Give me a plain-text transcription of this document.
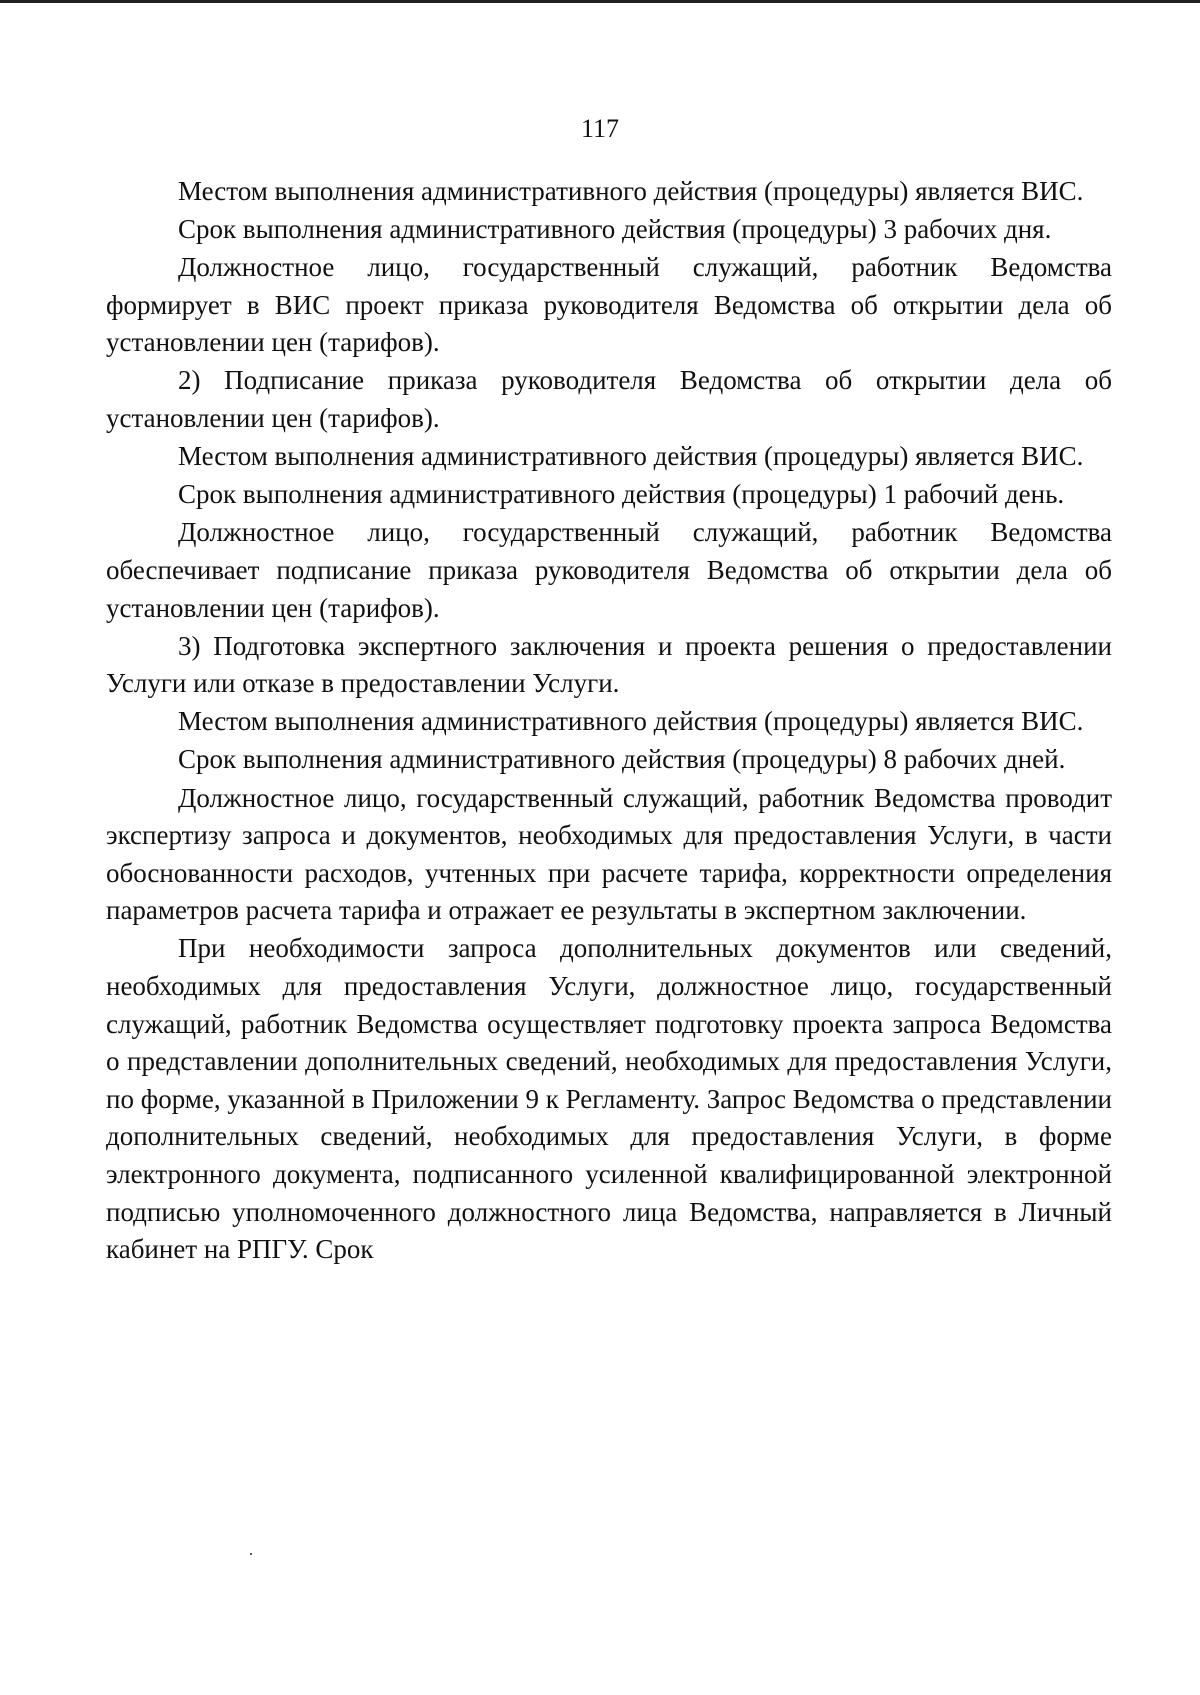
117

Местом выполнения административного действия (процедуры) является ВИС.

Срок выполнения административного действия (процедуры) 3 рабочих дня.

Должностное лицо, государственный служащий, работник Ведомства формирует в ВИС проект приказа руководителя Ведомства об открытии дела об установлении цен (тарифов).

2) Подписание приказа руководителя Ведомства об открытии дела об установлении цен (тарифов).

Местом выполнения административного действия (процедуры) является ВИС.

Срок выполнения административного действия (процедуры) 1 рабочий день.

Должностное лицо, государственный служащий, работник Ведомства обеспечивает подписание приказа руководителя Ведомства об открытии дела об установлении цен (тарифов).

3) Подготовка экспертного заключения и проекта решения о предоставлении Услуги или отказе в предоставлении Услуги.

Местом выполнения административного действия (процедуры) является ВИС.

Срок выполнения административного действия (процедуры) 8 рабочих дней.

Должностное лицо, государственный служащий, работник Ведомства проводит экспертизу запроса и документов, необходимых для предоставления Услуги, в части обоснованности расходов, учтенных при расчете тарифа, корректности определения параметров расчета тарифа и отражает ее результаты в экспертном заключении.

При необходимости запроса дополнительных документов или сведений, необходимых для предоставления Услуги, должностное лицо, государственный служащий, работник Ведомства осуществляет подготовку проекта запроса Ведомства о представлении дополнительных сведений, необходимых для предоставления Услуги, по форме, указанной в Приложении 9 к Регламенту. Запрос Ведомства о представлении дополнительных сведений, необходимых для предоставления Услуги, в форме электронного документа, подписанного усиленной квалифицированной электронной подписью уполномоченного должностного лица Ведомства, направляется в Личный кабинет на РПГУ. Срок
